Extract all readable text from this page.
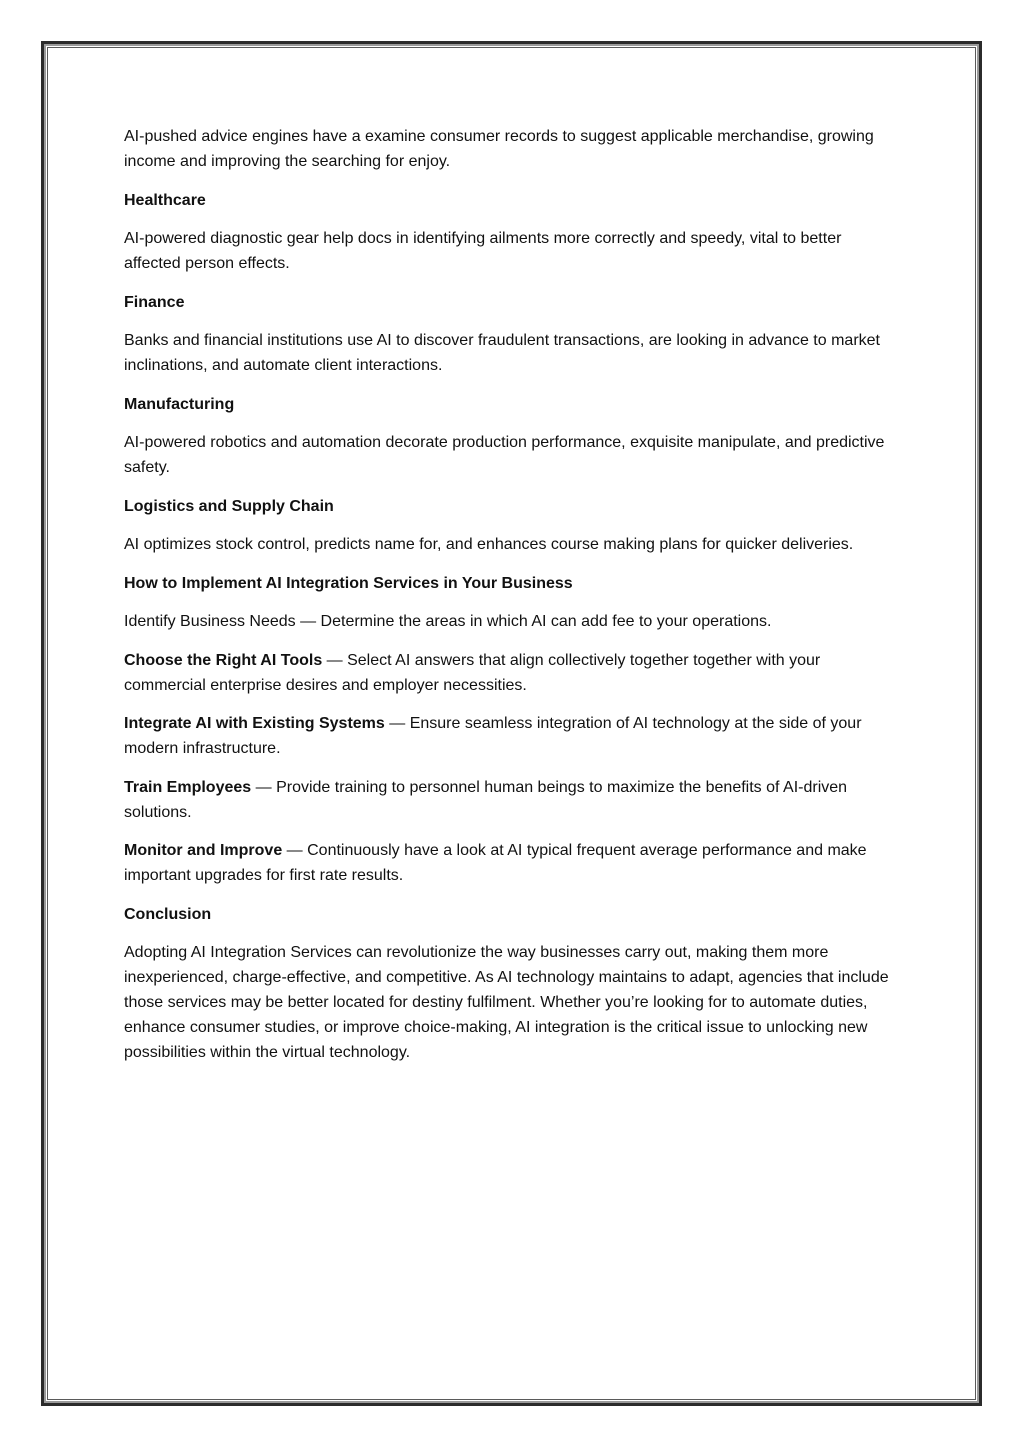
AI-pushed advice engines have a examine consumer records to suggest applicable merchandise, growing income and improving the searching for enjoy.

Healthcare

AI-powered diagnostic gear help docs in identifying ailments more correctly and speedy, vital to better affected person effects.

Finance

Banks and financial institutions use AI to discover fraudulent transactions, are looking in advance to market inclinations, and automate client interactions.

Manufacturing

AI-powered robotics and automation decorate production performance, exquisite manipulate, and predictive safety.

Logistics and Supply Chain

AI optimizes stock control, predicts name for, and enhances course making plans for quicker deliveries.

How to Implement AI Integration Services in Your Business

Identify Business Needs — Determine the areas in which AI can add fee to your operations.

Choose the Right AI Tools — Select AI answers that align collectively together together with your commercial enterprise desires and employer necessities.

Integrate AI with Existing Systems — Ensure seamless integration of AI technology at the side of your modern infrastructure.

Train Employees — Provide training to personnel human beings to maximize the benefits of AI-driven solutions.

Monitor and Improve — Continuously have a look at AI typical frequent average performance and make important upgrades for first rate results.

Conclusion

Adopting AI Integration Services can revolutionize the way businesses carry out, making them more inexperienced, charge-effective, and competitive. As AI technology maintains to adapt, agencies that include those services may be better located for destiny fulfilment. Whether you’re looking for to automate duties, enhance consumer studies, or improve choice-making, AI integration is the critical issue to unlocking new possibilities within the virtual technology.
